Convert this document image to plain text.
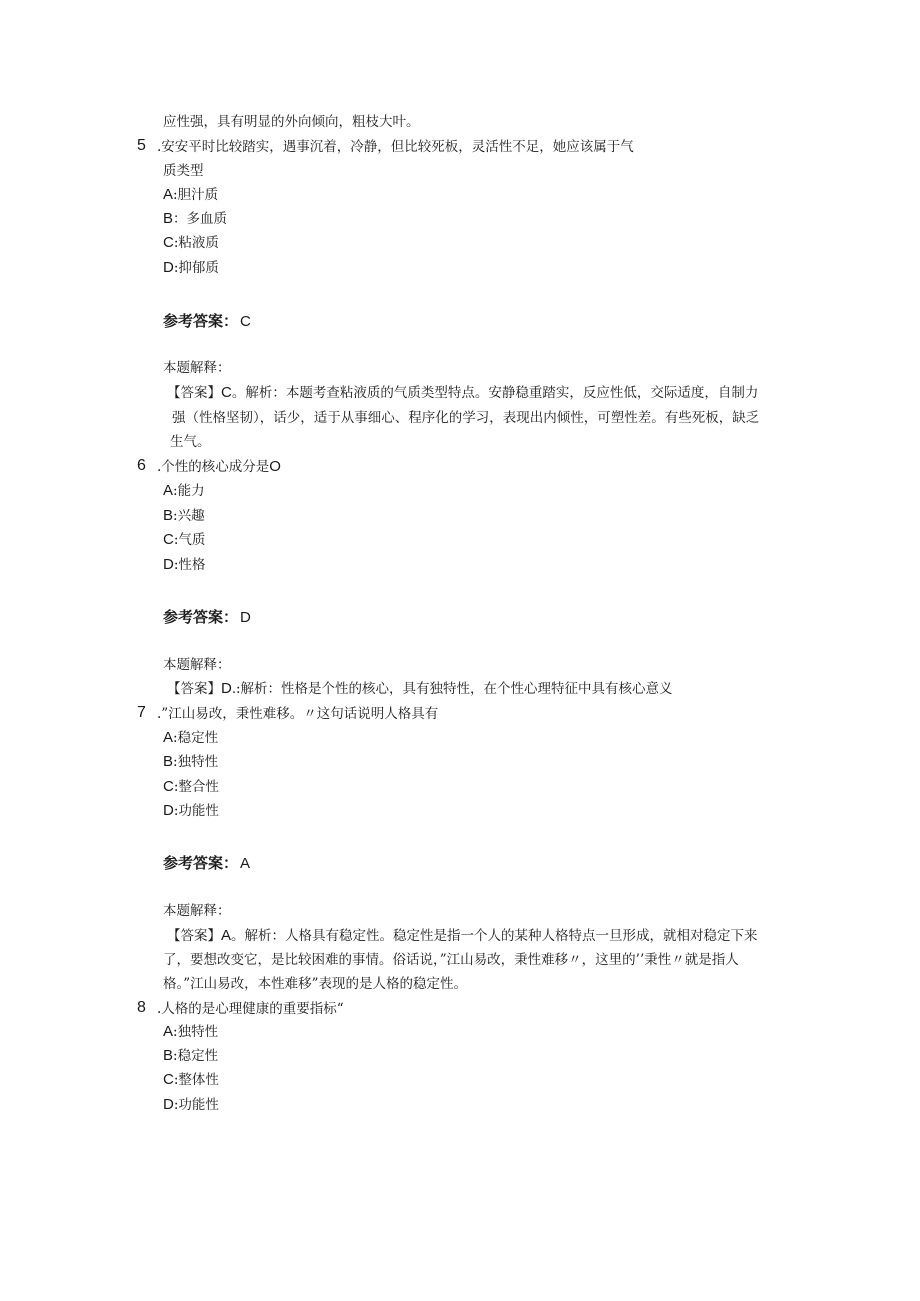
应性强，具有明显的外向倾向，粗枝大叶。
5 .安安平时比较踏实，遇事沉着，冷静，但比较死板，灵活性不足，她应该属于气
质类型
A:胆汁质
B：多血质
C:粘液质
D:抑郁质
参考答案： C
本题解释：
【答案】C。解析：本题考查粘液质的气质类型特点。安静稳重踏实，反应性低，交际适度，自制力
强（性格坚韧），话少，适于从事细心、程序化的学习，表现出内倾性，可塑性差。有些死板，缺乏
生气。
6 .个性的核心成分是O
A:能力
B:兴趣
C:气质
D:性格
参考答案： D
本题解释：
【答案】D.:解析：性格是个性的核心，具有独特性，在个性心理特征中具有核心意义
7 .”江山易改，秉性难移。〃这句话说明人格具有
A:稳定性
B:独特性
C:整合性
D:功能性
参考答案： A
本题解释：
【答案】A。解析：人格具有稳定性。稳定性是指一个人的某种人格特点一旦形成，就相对稳定下来
了，要想改变它，是比较困难的事情。俗话说，”江山易改，秉性难移〃，这里的’’秉性〃就是指人
格。”江山易改，本性难移”表现的是人格的稳定性。
8 .人格的是心理健康的重要指标“
A:独特性
B:稳定性
C:整体性
D:功能性
